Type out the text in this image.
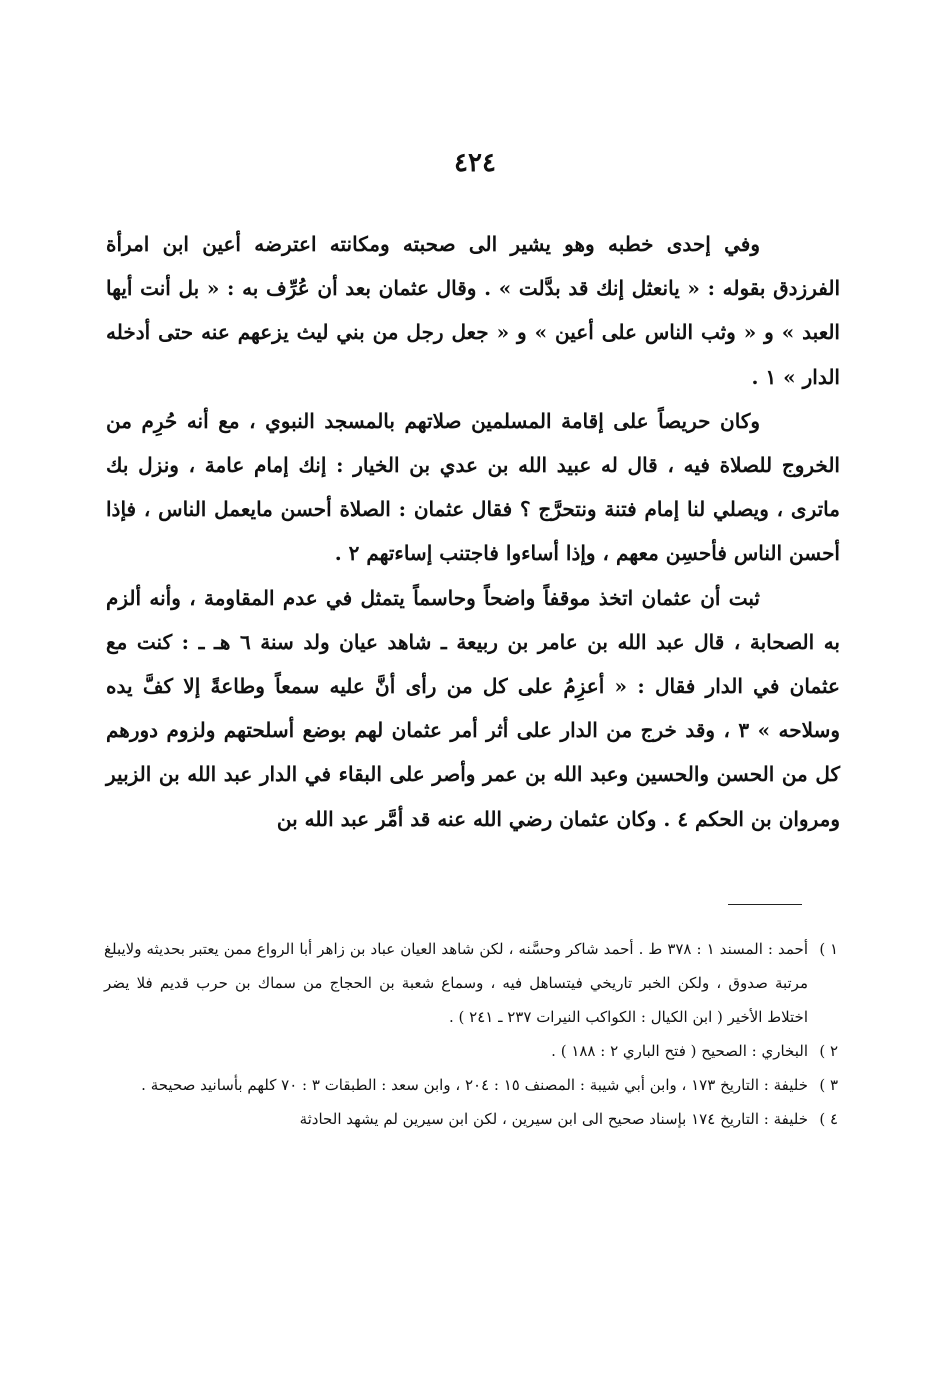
٤٢٤

وفي إحدى خطبه وهو يشير الى صحبته ومكانته اعترضه أعين ابن امرأة الفرزدق بقوله : « يانعثل إنك قد بدَّلت » . وقال عثمان بعد أن عُرِّف به : « بل أنت أيها العبد » و « وثب الناس على أعين » و « جعل رجل من بني ليث يزعهم عنه حتى أدخله الدار » ١ .

وكان حريصاً على إقامة المسلمين صلاتهم بالمسجد النبوي ، مع أنه حُرِم من الخروج للصلاة فيه ، قال له عبيد الله بن عدي بن الخيار : إنك إمام عامة ، ونزل بك ماترى ، ويصلي لنا إمام فتنة ونتحرَّج ؟ فقال عثمان : الصلاة أحسن مايعمل الناس ، فإذا أحسن الناس فأحسِن معهم ، وإذا أساءوا فاجتنب إساءتهم ٢ .

ثبت أن عثمان اتخذ موقفاً واضحاً وحاسماً يتمثل في عدم المقاومة ، وأنه ألزم به الصحابة ، قال عبد الله بن عامر بن ربيعة ـ شاهد عيان ولد سنة ٦ هـ ـ : كنت مع عثمان في الدار فقال : « أعزِمُ على كل من رأى أنَّ عليه سمعاً وطاعةً إلا كفَّ يده وسلاحه » ٣ ، وقد خرج من الدار على أثر أمر عثمان لهم بوضع أسلحتهم ولزوم دورهم كل من الحسن والحسين وعبد الله بن عمر وأصر على البقاء في الدار عبد الله بن الزبير ومروان بن الحكم ٤ . وكان عثمان رضي الله عنه قد أمَّر عبد الله بن

١ )
أحمد : المسند ١ : ٣٧٨ ط . أحمد شاكر وحسَّنه ، لكن شاهد العيان عباد بن زاهر أبا الرواع ممن يعتبر بحديثه ولايبلغ مرتبة صدوق ، ولكن الخبر تاريخي فيتساهل فيه ، وسماع شعبة بن الحجاج من سماك بن حرب قديم فلا يضر اختلاط الأخير ( ابن الكيال : الكواكب النيرات ٢٣٧ ـ ٢٤١ ) .
٢ )
البخاري : الصحيح ( فتح الباري ٢ : ١٨٨ ) .
٣ )
خليفة : التاريخ ١٧٣ ، وابن أبي شيبة : المصنف ١٥ : ٢٠٤ ، وابن سعد : الطبقات ٣ : ٧٠ كلهم بأسانيد صحيحة .
٤ )
خليفة : التاريخ ١٧٤ بإسناد صحيح الى ابن سيرين ، لكن ابن سيرين لم يشهد الحادثة
